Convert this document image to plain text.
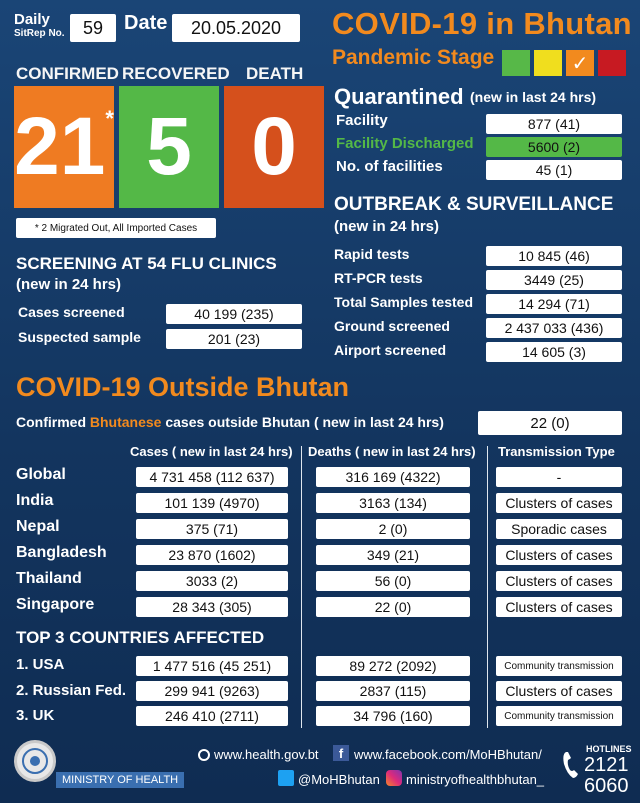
Daily
SitRep No.	59	Date	20.05.2020
CONFIRMED RECOVERED DEATH
21 * 5 0
* 2 Migrated Out, All Imported Cases
COVID-19 in Bhutan
Pandemic Stage	✓
Quarantined (new in last 24 hrs)
Facility	877 (41)
Facility Discharged	5600 (2)
No. of facilities	45 (1)
OUTBREAK & SURVEILLANCE
(new in 24 hrs)
Rapid tests	10 845 (46)
RT-PCR tests	3449 (25)
Total Samples tested	14 294 (71)
Ground screened	2 437 033 (436)
Airport screened	14 605 (3)
SCREENING AT 54 FLU CLINICS
(new in 24 hrs)
Cases screened	40 199 (235)
Suspected sample	201 (23)
COVID-19 Outside Bhutan
Confirmed Bhutanese cases outside Bhutan ( new in last 24 hrs)	22 (0)
Cases ( new in last 24 hrs) Deaths ( new in last 24 hrs) Transmission Type
Global	4 731 458 (112 637)	316 169 (4322)	-
India	101 139 (4970)	3163 (134)	Clusters of cases
Nepal	375 (71)	2 (0)	Sporadic cases
Bangladesh	23 870 (1602)	349 (21)	Clusters of cases
Thailand	3033 (2)	56 (0)	Clusters of cases
Singapore	28 343 (305)	22 (0)	Clusters of cases
TOP 3 COUNTRIES AFFECTED
1. USA	1 477 516 (45 251)	89 272 (2092)	Community transmission
2. Russian Fed.	299 941 (9263)	2837 (115)	Clusters of cases
3. UK	246 410 (2711)	34 796 (160)	Community transmission
MINISTRY OF HEALTH
www.health.gov.bt	f www.facebook.com/MoHBhutan/
@MoHBhutan ministryofhealthbhutan_
HOTLINES
2121
6060
